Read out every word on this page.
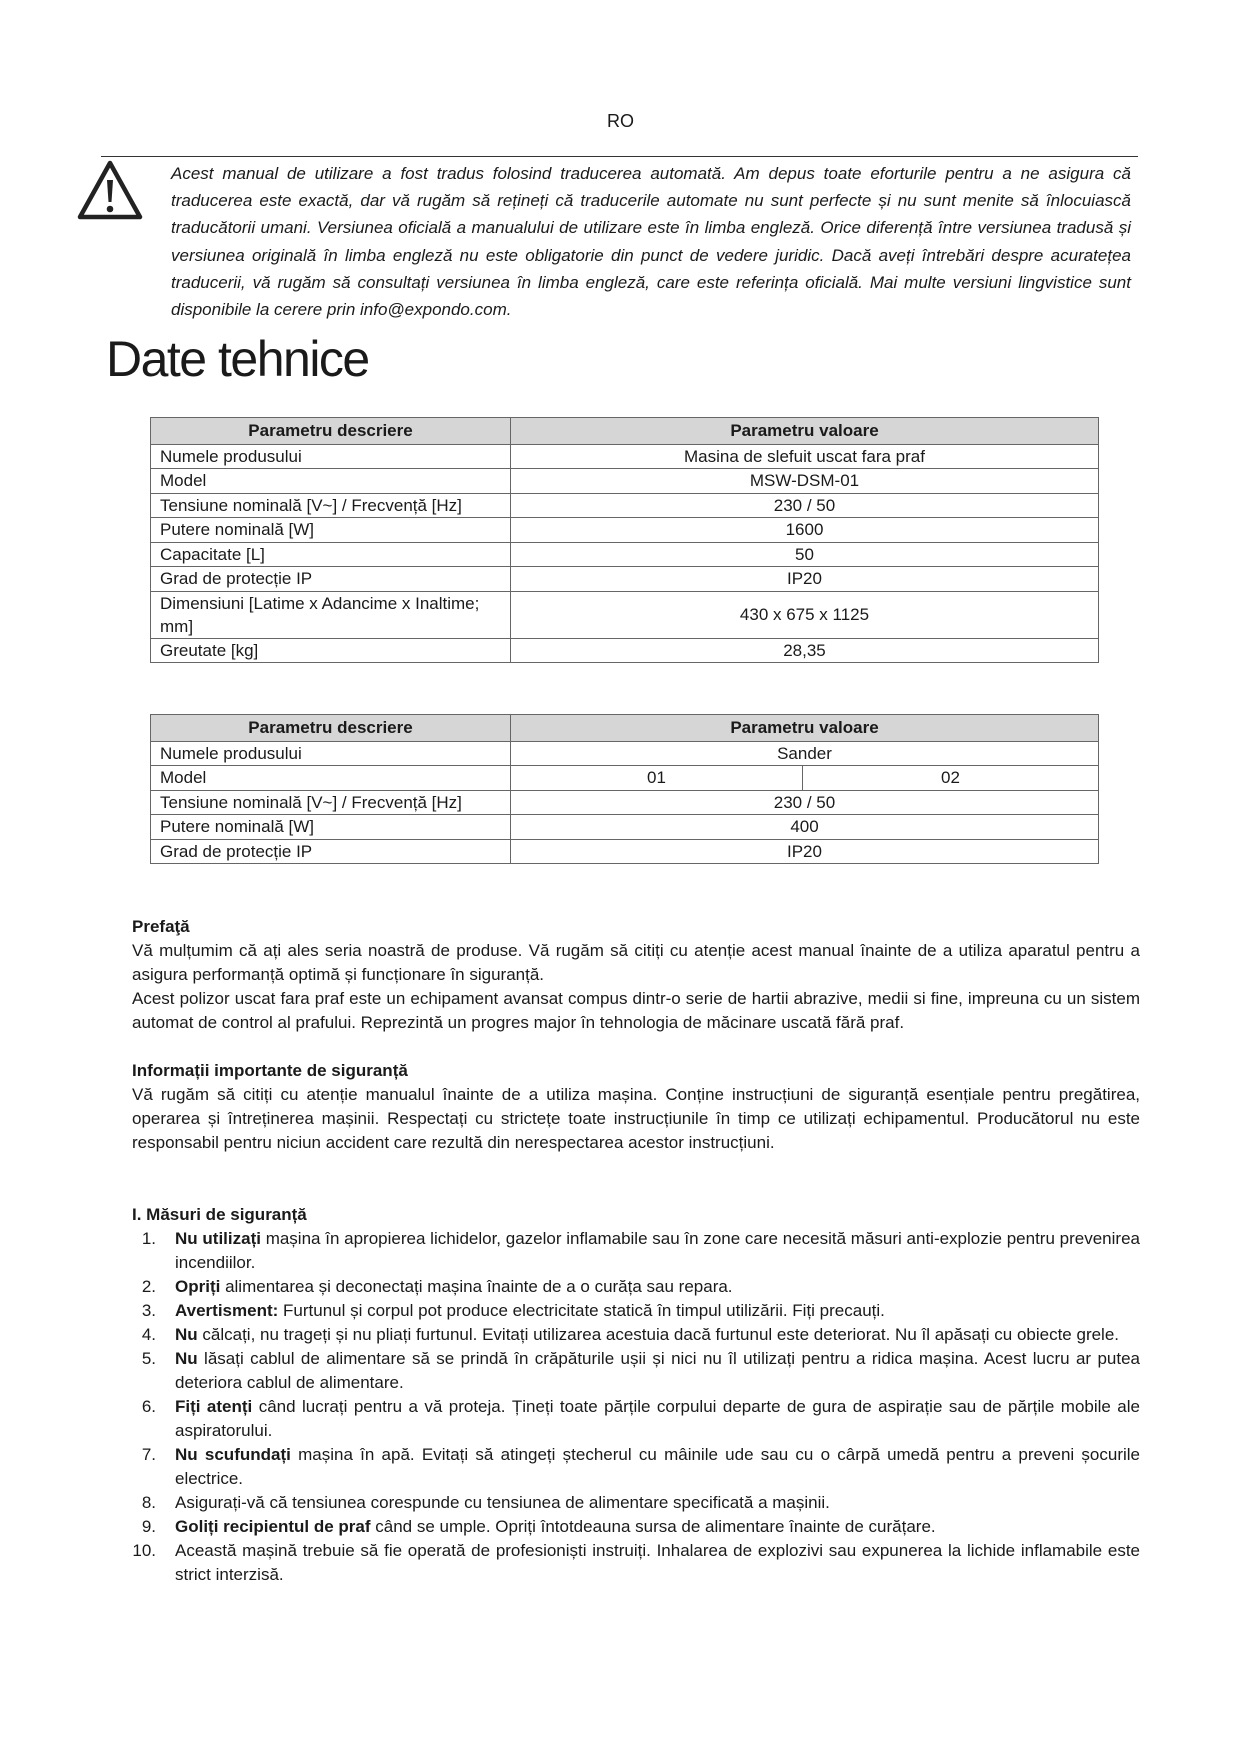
RO

Acest manual de utilizare a fost tradus folosind traducerea automată. Am depus toate eforturile pentru a ne asigura că traducerea este exactă, dar vă rugăm să rețineți că traducerile automate nu sunt perfecte și nu sunt menite să înlocuiască traducătorii umani. Versiunea oficială a manualului de utilizare este în limba engleză. Orice diferență între versiunea tradusă și versiunea originală în limba engleză nu este obligatorie din punct de vedere juridic. Dacă aveți întrebări despre acuratețea traducerii, vă rugăm să consultați versiunea în limba engleză, care este referința oficială. Mai multe versiuni lingvistice sunt disponibile la cerere prin info@expondo.com.

Date tehnice
Parametru descriere	Parametru valoare
Numele produsului	Masina de slefuit uscat fara praf
Model	MSW-DSM-01
Tensiune nominală [V~] / Frecvență [Hz]	230 / 50
Putere nominală [W]	1600
Capacitate [L]	50
Grad de protecție IP	IP20
Dimensiuni [Latime x Adancime x Inaltime; mm]	430 x 675 x 1125
Greutate [kg]	28,35
Parametru descriere	Parametru valoare	
Numele produsului	Sander	
Model	01	02
Tensiune nominală [V~] / Frecvență [Hz]	230 / 50	
Putere nominală [W]	400	
Grad de protecție IP	IP20	
Prefaţă

Vă mulțumim că ați ales seria noastră de produse. Vă rugăm să citiți cu atenție acest manual înainte de a utiliza aparatul pentru a asigura performanță optimă și funcționare în siguranță.

Acest polizor uscat fara praf este un echipament avansat compus dintr-o serie de hartii abrazive, medii si fine, impreuna cu un sistem automat de control al prafului. Reprezintă un progres major în tehnologia de măcinare uscată fără praf.

Informații importante de siguranță

Vă rugăm să citiți cu atenție manualul înainte de a utiliza mașina. Conține instrucțiuni de siguranță esențiale pentru pregătirea, operarea și întreținerea mașinii. Respectați cu strictețe toate instrucțiunile în timp ce utilizați echipamentul. Producătorul nu este responsabil pentru niciun accident care rezultă din nerespectarea acestor instrucțiuni.

I. Măsuri de siguranță
1. Nu utilizați mașina în apropierea lichidelor, gazelor inflamabile sau în zone care necesită măsuri anti-explozie pentru prevenirea incendiilor.
2. Opriți alimentarea și deconectați mașina înainte de a o curăța sau repara.
3. Avertisment: Furtunul și corpul pot produce electricitate statică în timpul utilizării. Fiți precauți.
4. Nu călcați, nu trageți și nu pliați furtunul. Evitați utilizarea acestuia dacă furtunul este deteriorat. Nu îl apăsați cu obiecte grele.
5. Nu lăsați cablul de alimentare să se prindă în crăpăturile ușii și nici nu îl utilizați pentru a ridica mașina. Acest lucru ar putea deteriora cablul de alimentare.
6. Fiți atenți când lucrați pentru a vă proteja. Țineți toate părțile corpului departe de gura de aspirație sau de părțile mobile ale aspiratorului.
7. Nu scufundați mașina în apă. Evitați să atingeți ștecherul cu mâinile ude sau cu o cârpă umedă pentru a preveni șocurile electrice.
8. Asigurați-vă că tensiunea corespunde cu tensiunea de alimentare specificată a mașinii.
9. Goliți recipientul de praf când se umple. Opriți întotdeauna sursa de alimentare înainte de curățare.
10. Această mașină trebuie să fie operată de profesioniști instruiți. Inhalarea de explozivi sau expunerea la lichide inflamabile este strict interzisă.
